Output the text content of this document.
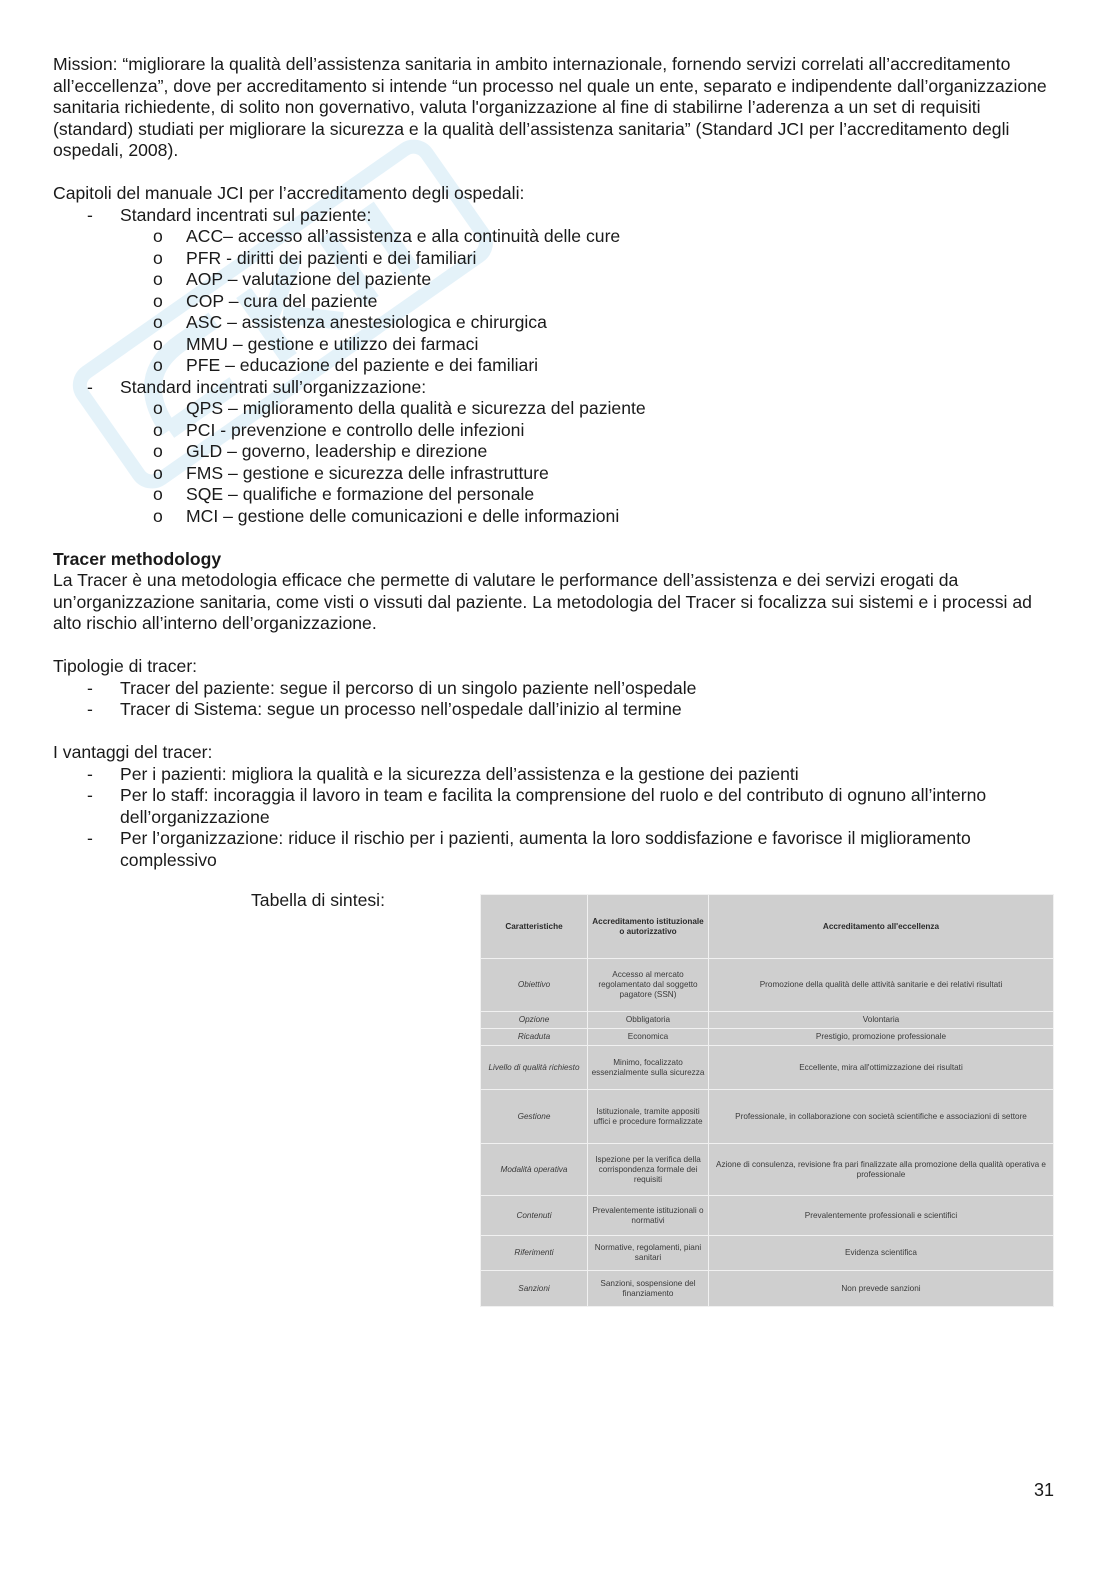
Mission: “migliorare la qualità dell’assistenza sanitaria in ambito internazionale, fornendo servizi correlati all’accreditamento all’eccellenza”, dove per accreditamento si intende “un processo nel quale un ente, separato e indipendente dall’organizzazione sanitaria richiedente, di solito non governativo, valuta l'organizzazione al fine di stabilirne l’aderenza a un set di requisiti (standard) studiati per migliorare la sicurezza e la qualità dell’assistenza sanitaria” (Standard JCI per l’accreditamento degli ospedali, 2008).

Capitoli del manuale JCI per l’accreditamento degli ospedali:

- Standard incentrati sul paziente:
o ACC– accesso all’assistenza e alla continuità delle cure
o PFR - diritti dei pazienti e dei familiari
o AOP – valutazione del paziente
o COP – cura del paziente
o ASC – assistenza anestesiologica e chirurgica
o MMU – gestione e utilizzo dei farmaci
o PFE – educazione del paziente e dei familiari
- Standard incentrati sull’organizzazione:
o QPS – miglioramento della qualità e sicurezza del paziente
o PCI - prevenzione e controllo delle infezioni
o GLD – governo, leadership e direzione
o FMS – gestione e sicurezza delle infrastrutture
o SQE – qualifiche e formazione del personale
o MCI – gestione delle comunicazioni e delle informazioni

Tracer methodology

La Tracer è una metodologia efficace che permette di valutare le performance dell’assistenza e dei servizi erogati da un’organizzazione sanitaria, come visti o vissuti dal paziente. La metodologia del Tracer si focalizza sui sistemi e i processi ad alto rischio all’interno dell’organizzazione.

Tipologie di tracer:

- Tracer del paziente: segue il percorso di un singolo paziente nell’ospedale
- Tracer di Sistema: segue un processo nell’ospedale dall’inizio al termine

I vantaggi del tracer:

- Per i pazienti: migliora la qualità e la sicurezza dell’assistenza e la gestione dei pazienti
- Per lo staff: incoraggia il lavoro in team e facilita la comprensione del ruolo e del contributo di ognuno all’interno dell’organizzazione
- Per l’organizzazione: riduce il rischio per i pazienti, aumenta la loro soddisfazione e favorisce il miglioramento complessivo

Tabella di sintesi:

Caratteristiche	Accreditamento istituzionale o autorizzativo	Accreditamento all'eccellenza
Obiettivo	Accesso al mercato regolamentato dal soggetto pagatore (SSN)	Promozione della qualità delle attività sanitarie e dei relativi risultati
Opzione	Obbligatoria	Volontaria
Ricaduta	Economica	Prestigio, promozione professionale
Livello di qualità richiesto	Minimo, focalizzato essenzialmente sulla sicurezza	Eccellente, mira all'ottimizzazione dei risultati
Gestione	Istituzionale, tramite appositi uffici e procedure formalizzate	Professionale, in collaborazione con società scientifiche e associazioni di settore
Modalità operativa	Ispezione per la verifica della corrispondenza formale dei requisiti	Azione di consulenza, revisione fra pari finalizzate alla promozione della qualità operativa e professionale
Contenuti	Prevalentemente istituzionali o normativi	Prevalentemente professionali e scientifici
Riferimenti	Normative, regolamenti, piani sanitari	Evidenza scientifica
Sanzioni	Sanzioni, sospensione del finanziamento	Non prevede sanzioni
31
